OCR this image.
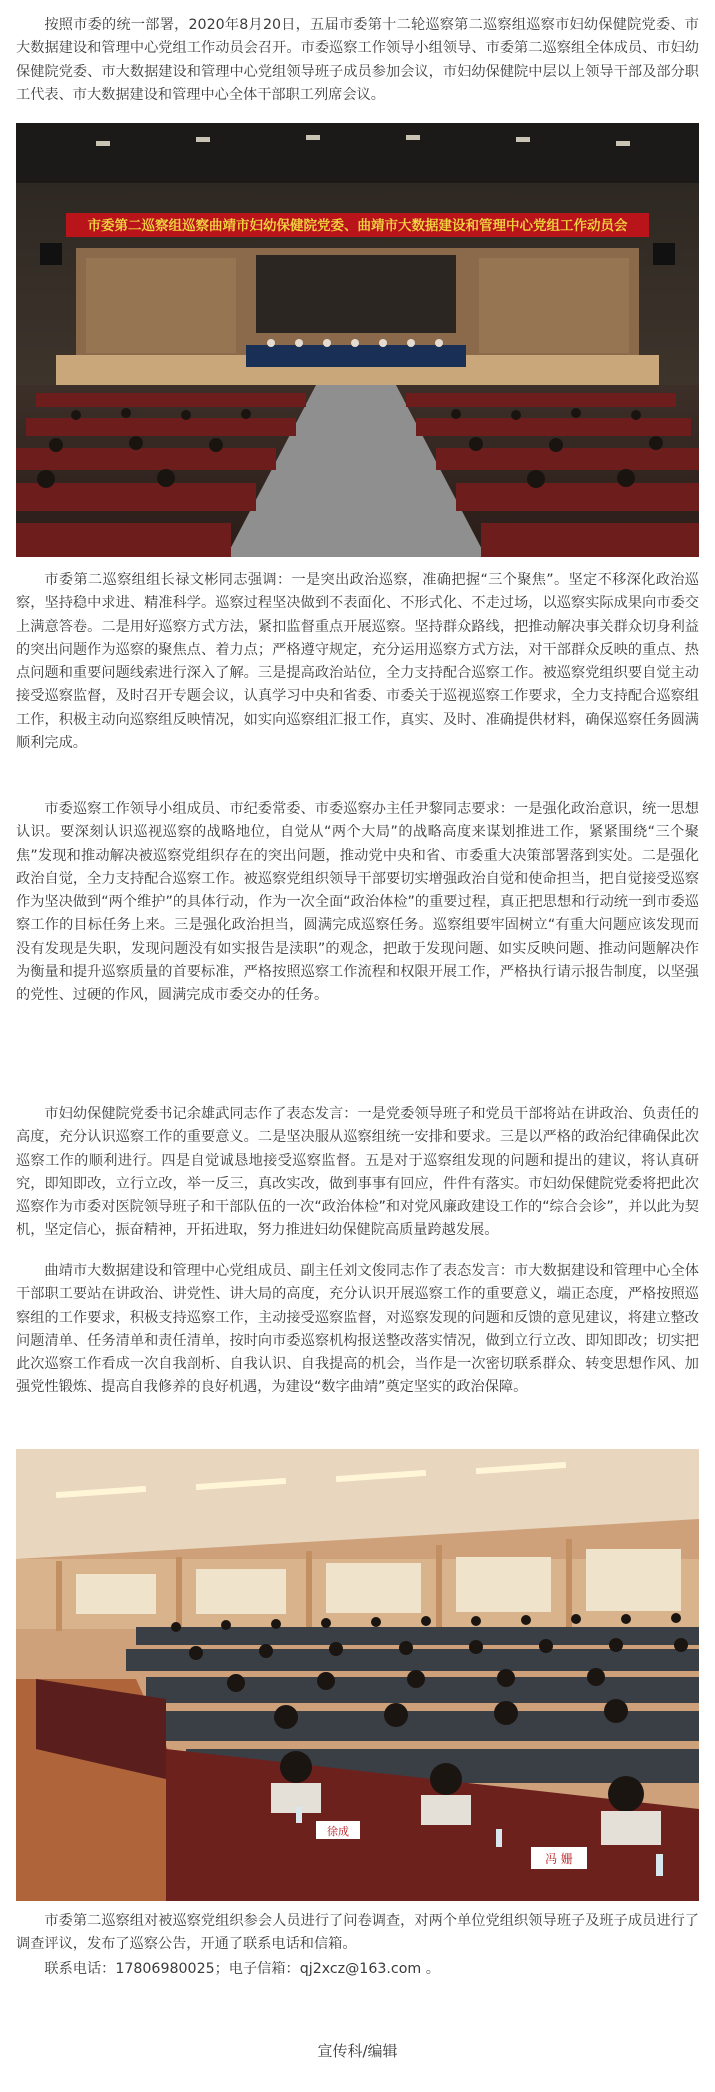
按照市委的统一部署，2020年8月20日，五届市委第十二轮巡察第二巡察组巡察市妇幼保健院党委、市大数据建设和管理中心党组工作动员会召开。市委巡察工作领导小组领导、市委第二巡察组全体成员、市妇幼保健院党委、市大数据建设和管理中心党组领导班子成员参加会议，市妇幼保健院中层以上领导干部及部分职工代表、市大数据建设和管理中心全体干部职工列席会议。

市委第二巡察组巡察曲靖市妇幼保健院党委、曲靖市大数据建设和管理中心党组工作动员会

市委第二巡察组组长禄文彬同志强调：一是突出政治巡察，准确把握“三个聚焦”。坚定不移深化政治巡察，坚持稳中求进、精准科学。巡察过程坚决做到不表面化、不形式化、不走过场，以巡察实际成果向市委交上满意答卷。二是用好巡察方式方法，紧扣监督重点开展巡察。坚持群众路线，把推动解决事关群众切身利益的突出问题作为巡察的聚焦点、着力点；严格遵守规定，充分运用巡察方式方法，对干部群众反映的重点、热点问题和重要问题线索进行深入了解。三是提高政治站位，全力支持配合巡察工作。被巡察党组织要自觉主动接受巡察监督，及时召开专题会议，认真学习中央和省委、市委关于巡视巡察工作要求，全力支持配合巡察组工作，积极主动向巡察组反映情况，如实向巡察组汇报工作，真实、及时、准确提供材料，确保巡察任务圆满顺利完成。

市委巡察工作领导小组成员、市纪委常委、市委巡察办主任尹黎同志要求：一是强化政治意识，统一思想认识。要深刻认识巡视巡察的战略地位，自觉从“两个大局”的战略高度来谋划推进工作，紧紧围绕“三个聚焦”发现和推动解决被巡察党组织存在的突出问题，推动党中央和省、市委重大决策部署落到实处。二是强化政治自觉，全力支持配合巡察工作。被巡察党组织领导干部要切实增强政治自觉和使命担当，把自觉接受巡察作为坚决做到“两个维护”的具体行动，作为一次全面“政治体检”的重要过程，真正把思想和行动统一到市委巡察工作的目标任务上来。三是强化政治担当，圆满完成巡察任务。巡察组要牢固树立“有重大问题应该发现而没有发现是失职，发现问题没有如实报告是渎职”的观念，把敢于发现问题、如实反映问题、推动问题解决作为衡量和提升巡察质量的首要标准，严格按照巡察工作流程和权限开展工作，严格执行请示报告制度，以坚强的党性、过硬的作风，圆满完成市委交办的任务。

市妇幼保健院党委书记余雄武同志作了表态发言：一是党委领导班子和党员干部将站在讲政治、负责任的高度，充分认识巡察工作的重要意义。二是坚决服从巡察组统一安排和要求。三是以严格的政治纪律确保此次巡察工作的顺利进行。四是自觉诚恳地接受巡察监督。五是对于巡察组发现的问题和提出的建议，将认真研究，即知即改，立行立改，举一反三，真改实改，做到事事有回应，件件有落实。市妇幼保健院党委将把此次巡察作为市委对医院领导班子和干部队伍的一次“政治体检”和对党风廉政建设工作的“综合会诊”，并以此为契机，坚定信心，振奋精神，开拓进取，努力推进妇幼保健院高质量跨越发展。

曲靖市大数据建设和管理中心党组成员、副主任刘文俊同志作了表态发言：市大数据建设和管理中心全体干部职工要站在讲政治、讲党性、讲大局的高度，充分认识开展巡察工作的重要意义，端正态度，严格按照巡察组的工作要求，积极支持巡察工作，主动接受巡察监督，对巡察发现的问题和反馈的意见建议，将建立整改问题清单、任务清单和责任清单，按时向市委巡察机构报送整改落实情况，做到立行立改、即知即改；切实把此次巡察工作看成一次自我剖析、自我认识、自我提高的机会，当作是一次密切联系群众、转变思想作风、加强党性锻炼、提高自我修养的良好机遇，为建设“数字曲靖”奠定坚实的政治保障。

徐成
冯 姗

市委第二巡察组对被巡察党组织参会人员进行了问卷调查，对两个单位党组织领导班子及班子成员进行了调查评议，发布了巡察公告，开通了联系电话和信箱。

联系电话：17806980025；电子信箱：qj2xcz@163.com 。

宣传科/编辑
